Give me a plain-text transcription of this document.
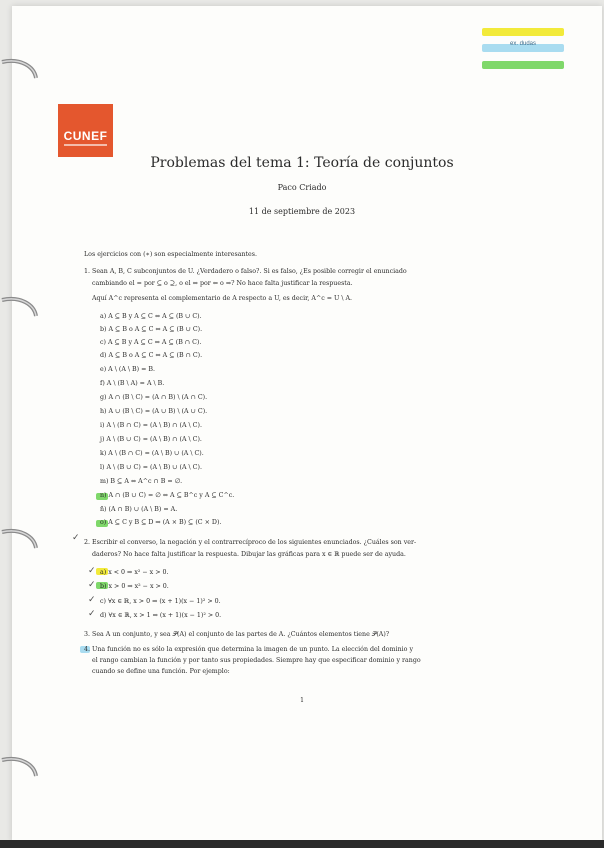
ex. dudas
CUNEF
Problemas del tema 1: Teoría de conjuntos
Paco Criado
11 de septiembre de 2023
Los ejercicios con (∗) son especialmente interesantes.
1. Sean A, B, C subconjuntos de U. ¿Verdadero o falso?. Si es falso, ¿Es posible corregir el enunciado
cambiando el = por ⊆ o ⊇, o el ⇔ por ⇐ o ⇒? No hace falta justificar la respuesta.
Aquí A^c representa el complementario de A respecto a U, es decir, A^c = U \ A.
a) A ⊆ B y A ⊆ C ⇔ A ⊆ (B ∪ C).
b) A ⊆ B o A ⊆ C ⇔ A ⊆ (B ∪ C).
c) A ⊆ B y A ⊆ C ⇔ A ⊆ (B ∩ C).
d) A ⊆ B o A ⊆ C ⇔ A ⊆ (B ∩ C).
e) A \ (A \ B) = B.
f) A \ (B \ A) = A \ B.
g) A ∩ (B \ C) = (A ∩ B) \ (A ∩ C).
h) A ∪ (B \ C) = (A ∪ B) \ (A ∪ C).
i) A \ (B ∩ C) = (A \ B) ∩ (A \ C).
j) A \ (B ∪ C) = (A \ B) ∩ (A \ C).
k) A \ (B ∩ C) = (A \ B) ∪ (A \ C).
l) A \ (B ∪ C) = (A \ B) ∪ (A \ C).
m) B ⊆ A ⇔ A^c ∩ B = ∅.
n) A ∩ (B ∪ C) = ∅ ⇔ A ⊆ B^c y A ⊆ C^c.
ñ) (A ∩ B) ∪ (A \ B) = A.
o) A ⊆ C y B ⊆ D ⇒ (A × B) ⊆ (C × D).
✓ 2. Escribir el converso, la negación y el contrarrecíproco de los siguientes enunciados. ¿Cuáles son ver-
daderos? No hace falta justificar la respuesta. Dibujar las gráficas para x ∈ ℝ puede ser de ayuda.
✓
✓
✓
✓
a) x < 0 ⇒ x² − x > 0.
b) x > 0 ⇒ x² − x > 0.
c) ∀x ∈ ℝ, x > 0 ⇒ (x + 1)(x − 1)² > 0.
d) ∀x ∈ ℝ, x > 1 ⇒ (x + 1)(x − 1)² > 0.
3. Sea A un conjunto, y sea 𝒫(A) el conjunto de las partes de A. ¿Cuántos elementos tiene 𝒫(A)?
4. Una función no es sólo la expresión que determina la imagen de un punto. La elección del dominio y
el rango cambian la función y por tanto sus propiedades. Siempre hay que especificar dominio y rango
cuando se define una función. Por ejemplo:
1
